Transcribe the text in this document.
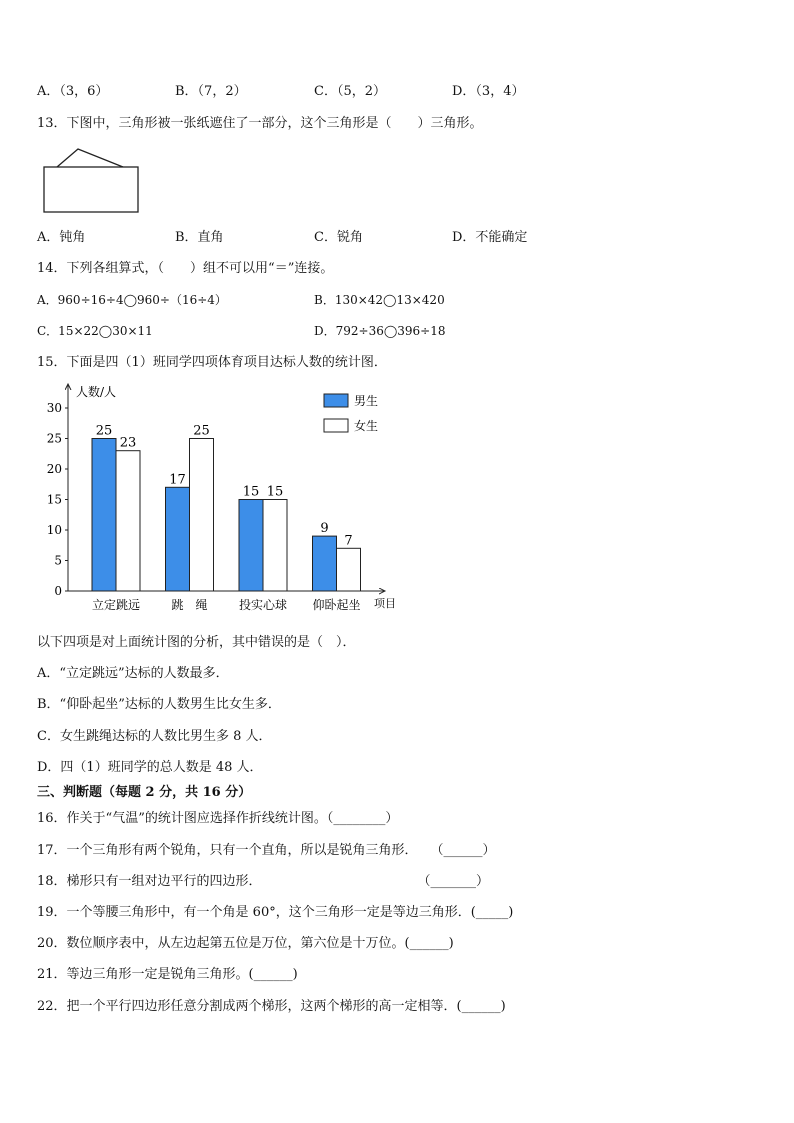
A．（3，6）	B．（7，2）	C．（5，2）	D．（3，4）
13．下图中，三角形被一张纸遮住了一部分，这个三角形是（　　）三角形。
A．钝角	B．直角	C．锐角	D．不能确定
14．下列各组算式，（　　）组不可以用“＝”连接。
A．960÷16÷4◯960÷（16÷4）	B．130×42◯13×420
C．15×22◯30×11	D．792÷36◯396÷18
15．下面是四（1）班同学四项体育项目达标人数的统计图．
人数/人
项目
0
5
10
15
20
25
30
25
23
立定跳远
17
25
跳　绳
15 15
投实心球
9
7
仰卧起坐
男生
女生
以下四项是对上面统计图的分析，其中错误的是（　）．
A．“立定跳远”达标的人数最多．
B．“仰卧起坐”达标的人数男生比女生多．
C．女生跳绳达标的人数比男生多 8 人．
D．四（1）班同学的总人数是 48 人．
三、判断题（每题 2 分，共 16 分）
16．作关于“气温”的统计图应选择作折线统计图。（________）
17．一个三角形有两个锐角，只有一个直角，所以是锐角三角形．　　（______）
18．梯形只有一组对边平行的四边形．　　　　　　　　　　　　　（_______）
19．一个等腰三角形中，有一个角是 60°，这个三角形一定是等边三角形．(_____)
20．数位顺序表中，从左边起第五位是万位，第六位是十万位。(______)
21．等边三角形一定是锐角三角形。(______)
22．把一个平行四边形任意分割成两个梯形，这两个梯形的高一定相等．(______)
